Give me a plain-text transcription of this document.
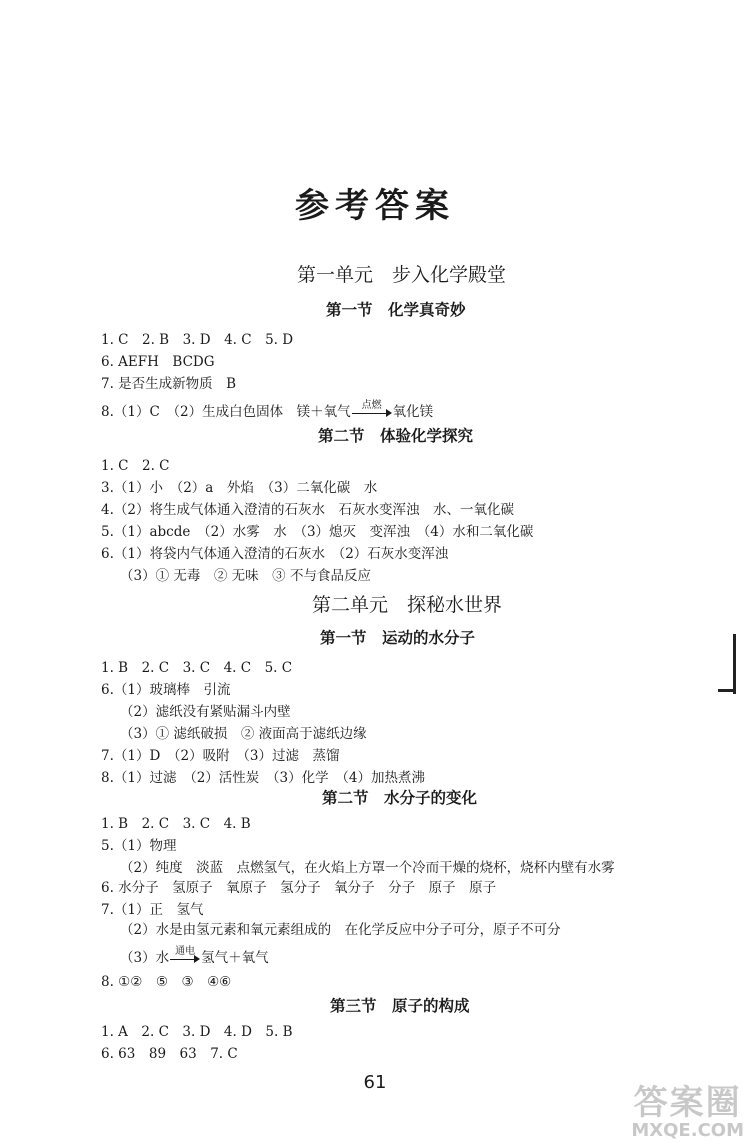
参考答案
第一单元　步入化学殿堂
第一节　化学真奇妙
1. C　2. B　3. D　4. C　5. D
6. AEFH　BCDG
7. 是否生成新物质　B
8.（1）C　（2）生成白色固体　镁＋氧气	点燃 氧化镁
第二节　体验化学探究
1. C　2. C
3.（1）小　（2）a　外焰　（3）二氧化碳　水
4.（2）将生成气体通入澄清的石灰水　石灰水变浑浊　水、一氧化碳
5.（1）abcde　（2）水雾　水　（3）熄灭　变浑浊　（4）水和二氧化碳
6.（1）将袋内气体通入澄清的石灰水　（2）石灰水变浑浊
（3）① 无毒　② 无味　③ 不与食品反应
第二单元　探秘水世界
第一节　运动的水分子
1. B　2. C　3. C　4. C　5. C
6.（1）玻璃棒　引流
（2）滤纸没有紧贴漏斗内壁
（3）① 滤纸破损　② 液面高于滤纸边缘
7.（1）D　（2）吸附　（3）过滤　蒸馏
8.（1）过滤　（2）活性炭　（3）化学　（4）加热煮沸
第二节　水分子的变化
1. B　2. C　3. C　4. B
5.（1）物理
（2）纯度　淡蓝　点燃氢气，在火焰上方罩一个冷而干燥的烧杯，烧杯内壁有水雾
6. 水分子　氢原子　氧原子　氢分子　氧分子　分子　原子　原子
7.（1）正　氢气
（2）水是由氢元素和氧元素组成的　在化学反应中分子可分，原子不可分
（3）水 通电 氢气＋氧气
8. ①②　⑤　③　④⑥
第三节　原子的构成
1. A　2. C　3. D　4. D　5. B
6. 63　89　63　7. C
61
答案圈
MXQE.COM
